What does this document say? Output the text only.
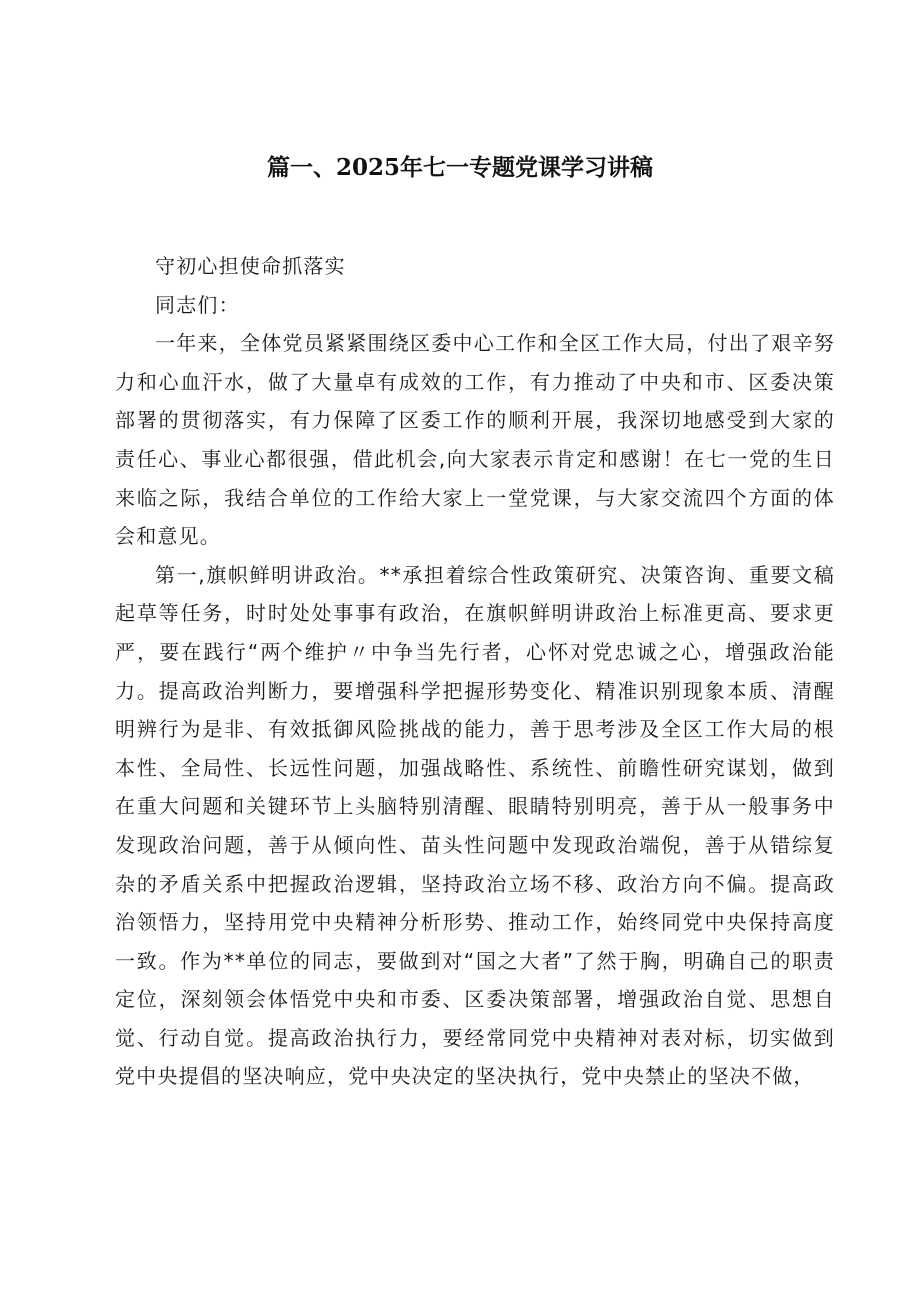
篇一、2025年七一专题党课学习讲稿

守初心担使命抓落实

同志们：

一年来，全体党员紧紧围绕区委中心工作和全区工作大局，付出了艰辛努力和心血汗水，做了大量卓有成效的工作，有力推动了中央和市、区委决策部署的贯彻落实，有力保障了区委工作的顺利开展，我深切地感受到大家的责任心、事业心都很强，借此机会,向大家表示肯定和感谢！在七一党的生日来临之际，我结合单位的工作给大家上一堂党课，与大家交流四个方面的体会和意见。

第一,旗帜鲜明讲政治。**承担着综合性政策研究、决策咨询、重要文稿起草等任务，时时处处事事有政治，在旗帜鲜明讲政治上标准更高、要求更严，要在践行“两个维护〃中争当先行者，心怀对党忠诚之心，增强政治能力。提高政治判断力，要增强科学把握形势变化、精准识别现象本质、清醒明辨行为是非、有效抵御风险挑战的能力，善于思考涉及全区工作大局的根本性、全局性、长远性问题，加强战略性、系统性、前瞻性研究谋划，做到在重大问题和关键环节上头脑特别清醒、眼睛特别明亮，善于从一般事务中发现政治问题，善于从倾向性、苗头性问题中发现政治端倪，善于从错综复杂的矛盾关系中把握政治逻辑，坚持政治立场不移、政治方向不偏。提高政治领悟力，坚持用党中央精神分析形势、推动工作，始终同党中央保持高度一致。作为**单位的同志，要做到对“国之大者”了然于胸，明确自己的职责定位，深刻领会体悟党中央和市委、区委决策部署，增强政治自觉、思想自觉、行动自觉。提高政治执行力，要经常同党中央精神对表对标，切实做到党中央提倡的坚决响应，党中央决定的坚决执行，党中央禁止的坚决不做，
